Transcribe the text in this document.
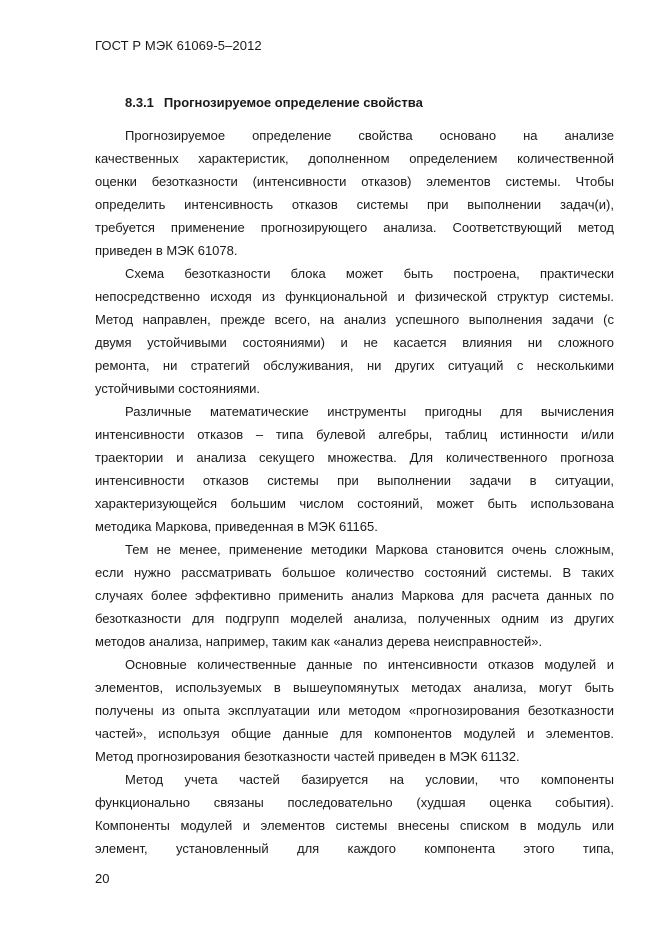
ГОСТ Р МЭК 61069-5–2012
8.3.1 Прогнозируемое определение свойства
Прогнозируемое определение свойства основано на анализе
качественных характеристик, дополненном определением количественной
оценки безотказности (интенсивности отказов) элементов системы. Чтобы
определить интенсивность отказов системы при выполнении задач(и),
требуется применение прогнозирующего анализа. Соответствующий метод
приведен в МЭК 61078.
Схема безотказности блока может быть построена, практически
непосредственно исходя из функциональной и физической структур системы.
Метод направлен, прежде всего, на анализ успешного выполнения задачи (с
двумя устойчивыми состояниями) и не касается влияния ни сложного
ремонта, ни стратегий обслуживания, ни других ситуаций с несколькими
устойчивыми состояниями.
Различные математические инструменты пригодны для вычисления
интенсивности отказов – типа булевой алгебры, таблиц истинности и/или
траектории и анализа секущего множества. Для количественного прогноза
интенсивности отказов системы при выполнении задачи в ситуации,
характеризующейся большим числом состояний, может быть использована
методика Маркова, приведенная в МЭК 61165.
Тем не менее, применение методики Маркова становится очень сложным,
если нужно рассматривать большое количество состояний системы. В таких
случаях более эффективно применить анализ Маркова для расчета данных по
безотказности для подгрупп моделей анализа, полученных одним из других
методов анализа, например, таким как «анализ дерева неисправностей».
Основные количественные данные по интенсивности отказов модулей и
элементов, используемых в вышеупомянутых методах анализа, могут быть
получены из опыта эксплуатации или методом «прогнозирования безотказности
частей», используя общие данные для компонентов модулей и элементов.
Метод прогнозирования безотказности частей приведен в МЭК 61132.
Метод учета частей базируется на условии, что компоненты
функционально связаны последовательно (худшая оценка события).
Компоненты модулей и элементов системы внесены списком в модуль или
элемент, установленный для каждого компонента этого типа,
20
